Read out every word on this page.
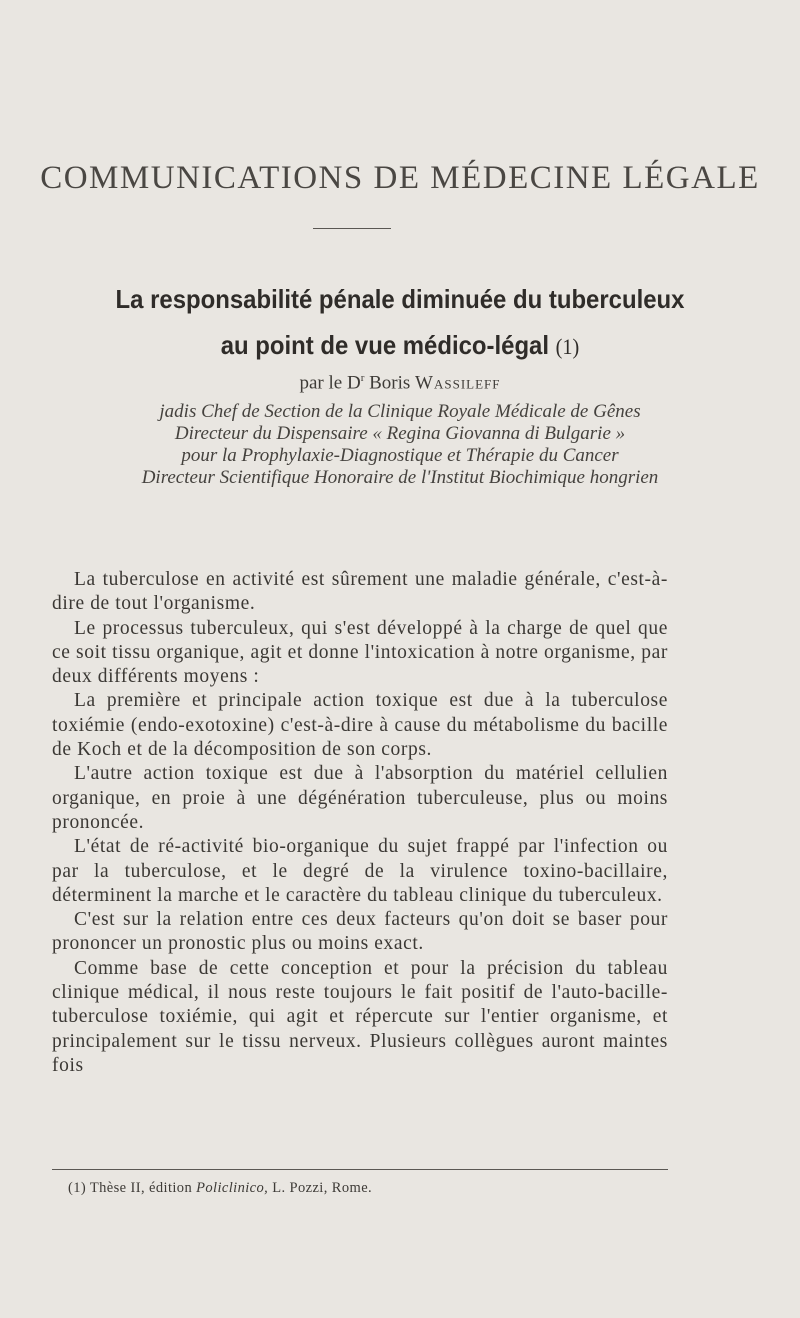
COMMUNICATIONS DE MÉDECINE LÉGALE
La responsabilité pénale diminuée du tuberculeux
au point de vue médico-légal (1)
par le $D^r$ Boris Wassileff
jadis Chef de Section de la Clinique Royale Médicale de Gênes
Directeur du Dispensaire « Regina Giovanna di Bulgarie »
pour la Prophylaxie-Diagnostique et Thérapie du Cancer
Directeur Scientifique Honoraire de l'Institut Biochimique hongrien

La tuberculose en activité est sûrement une maladie générale, c'est-à-dire de tout l'organisme.

Le processus tuberculeux, qui s'est développé à la charge de quel que ce soit tissu organique, agit et donne l'intoxication à notre organisme, par deux différents moyens :

La première et principale action toxique est due à la tuberculose toxiémie (endo-exotoxine) c'est-à-dire à cause du métabolisme du bacille de Koch et de la décomposition de son corps.

L'autre action toxique est due à l'absorption du matériel cellulien organique, en proie à une dégénération tuberculeuse, plus ou moins prononcée.

L'état de ré-activité bio-organique du sujet frappé par l'infection ou par la tuberculose, et le degré de la virulence toxino-bacillaire, déterminent la marche et le caractère du tableau clinique du tuberculeux.

C'est sur la relation entre ces deux facteurs qu'on doit se baser pour prononcer un pronostic plus ou moins exact.

Comme base de cette conception et pour la précision du tableau clinique médical, il nous reste toujours le fait positif de l'auto-bacille-tuberculose toxiémie, qui agit et répercute sur l'entier organisme, et principalement sur le tissu nerveux. Plusieurs collègues auront maintes fois

(1) Thèse II, édition Policlinico, L. Pozzi, Rome.
